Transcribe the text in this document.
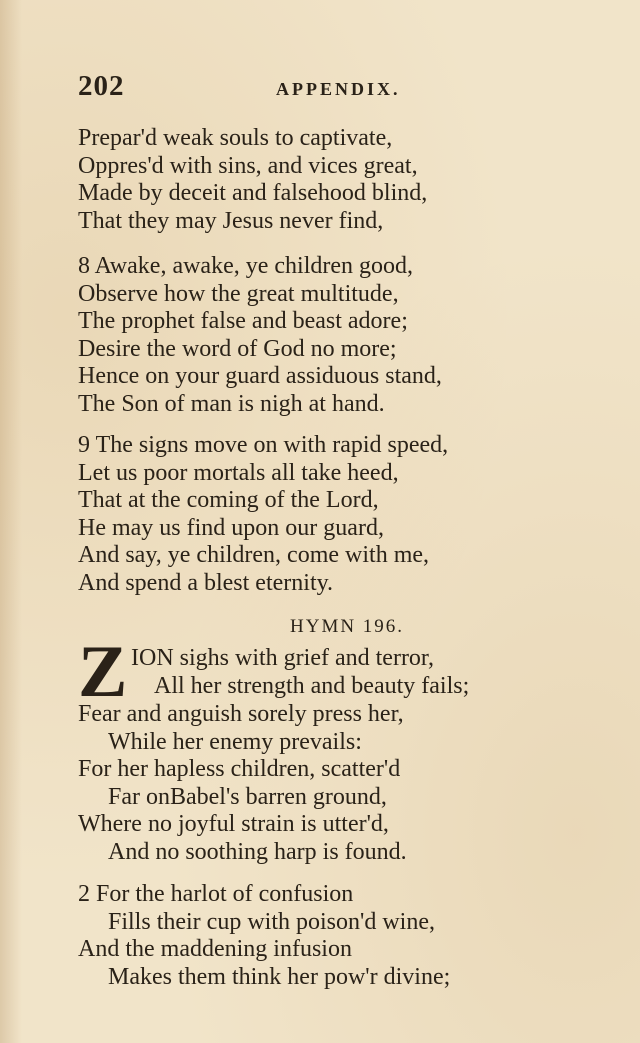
202	APPENDIX.
Prepar'd weak souls to captivate,
Oppres'd with sins, and vices great,
Made by deceit and falsehood blind,
That they may Jesus never find,
8 Awake, awake, ye children good,
Observe how the great multitude,
The prophet false and beast adore;
Desire the word of God no more;
Hence on your guard assiduous stand,
The Son of man is nigh at hand.
9 The signs move on with rapid speed,
Let us poor mortals all take heed,
That at the coming of the Lord,
He may us find upon our guard,
And say, ye children, come with me,
And spend a blest eternity.
HYMN 196.
Z ION sighs with grief and terror,
All her strength and beauty fails;
Fear and anguish sorely press her,
While her enemy prevails:
For her hapless children, scatter'd
Far onBabel's barren ground,
Where no joyful strain is utter'd,
And no soothing harp is found.
2 For the harlot of confusion
Fills their cup with poison'd wine,
And the maddening infusion
Makes them think her pow'r divine;
